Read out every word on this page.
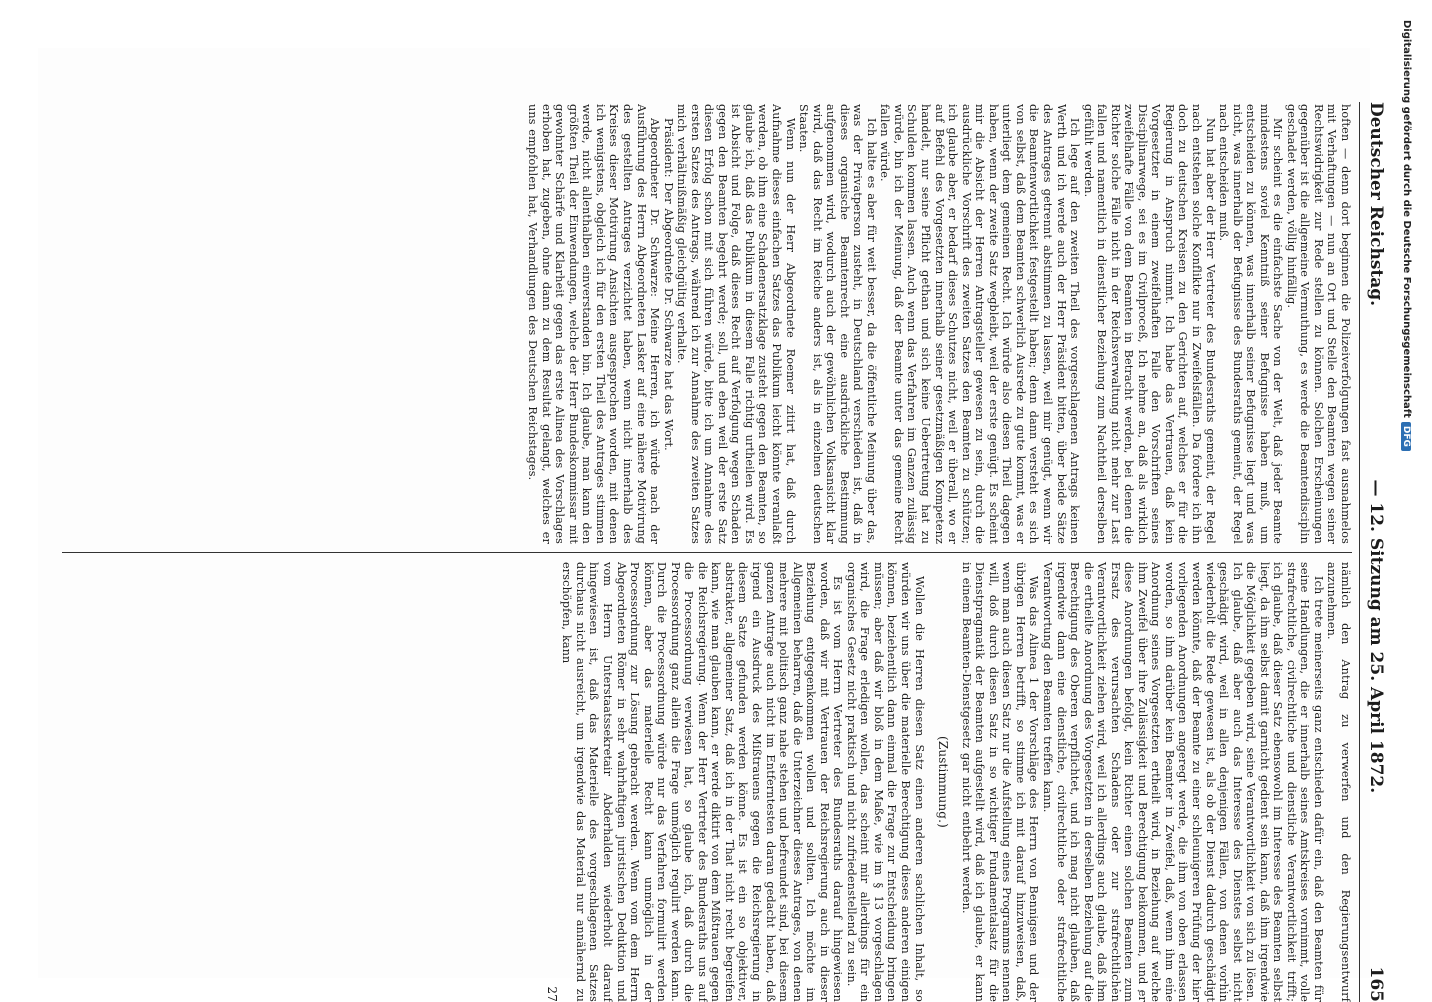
Deutscher Reichstag.
— 12. Sitzung am 25. April 1872.
165

hoften — denn dort beginnen die Polizeiverfolgungen fast ausnahmelos mit Verhaftungen — nun an Ort und Stelle den Beamten wegen seiner Rechtswidrigkeit zur Rede stellen zu können. Solchen Erscheinungen gegenüber ist die allgemeine Vermuthung, es werde die Beamtendisciplin geschadet werden, völlig hinfällig.

Mir scheint es die einfachste Sache von der Welt, daß jeder Beamte mindestens soviel Kenntniß seiner Befugnisse haben muß, um entscheiden zu können, was innerhalb seiner Befugnisse liegt und was nicht, was innerhalb der Befugnisse des Bundesraths gemeint, der Regel nach entscheiden muß.

Nun hat aber der Herr Vertreter des Bundesraths gemeint, der Regel nach entstehen solche Konflikte nur in Zweifelsfällen. Da fordere ich ihn doch zu deutschen Kreisen zu den Gerichten auf, welches er für die Regierung in Anspruch nimmt. Ich habe das Vertrauen, daß kein Vorgesetzter in einem zweifelhaften Falle den Vorschriften seines Disciplinarwege, sei es im Civilproceß, Ich nehme an, daß als wirklich zweifelhafte Fälle von dem Beamten in Betracht werden, bei denen die Richter solche Fälle nicht in der Reichsverwaltung nicht mehr zur Last fallen und namentlich in dienstlicher Beziehung zum Nachtheil derselben gefühlt werden.

Ich lege auf den zweiten Theil des vorgeschlagenen Antrags keinen Werth und ich werde auch der Herr Präsident bitten, über beide Sätze des Antrages getrennt abstimmen zu lassen, weil mir genügt, wenn wir die Beamtenwortlichkeit festgestellt haben; denn dann versteht es sich von selbst, daß dem Beamten schwerlich Ausrede zu gute kommt, was er unterliegt dem gemeinen Recht. Ich würde also diesen Theil dagegen haben, wenn der zweite Satz wegbleibt, weil der erste genügt. Es scheint mir die Absicht der Herren Antragsteller gewesen zu sein, durch die ausdrückliche Vorschrift des zweiten Satzes den Beamten zu schützen; ich glaube aber, er bedarf dieses Schutzes nicht, weil er überall, wo er auf Befehl des Vorgesetzten innerhalb seiner gesetzmäßigen Kompetenz handelt, nur seine Pflicht gethan und sich keine Uebertretung hat zu Schulden kommen lassen. Auch wenn das Verfahren im Ganzen zulässig würde, bin ich der Meinung, daß der Beamte unter das gemeine Recht fallen würde.

Ich halte es aber für weit besser, da die öffentliche Meinung über das, was der Privatperson zusteht, in Deutschland verschieden ist, daß in dieses organische Beamtenrecht eine ausdrückliche Bestimmung aufgenommen wird, wodurch auch der gewöhnlichen Volksansicht klar wird, daß das Recht im Reiche anders ist, als in einzelnen deutschen Staaten.

Wenn nun der Herr Abgeordnete Roemer zitirt hat, daß durch Aufnahme dieses einfachen Satzes das Publikum leicht könnte veranlaßt werden, ob ihm eine Schadenersatzklage zusteht gegen den Beamten, so glaube ich, daß das Publikum in diesem Falle richtig urtheilen wird. Es ist Absicht und Folge, daß dieses Recht auf Verfolgung wegen Schaden gegen den Beamten begehrt werde; soll, und eben weil der erste Satz diesen Erfolg schon mit sich führen würde, bitte ich um Annahme des ersten Satzes des Antrags, während ich zur Annahme des zweiten Satzes mich verhältnißmäßig gleichgültig verhalte.

Präsident: Der Abgeordnete Dr. Schwarze hat das Wort.

Abgeordneter Dr. Schwarze: Meine Herren, ich würde nach der Ausführung des Herrn Abgeordneten Lasker auf eine nähere Motivirung des gestellten Antrages verzichtet haben, wenn nicht innerhalb des Kreises dieser Motivirung Ansichten ausgesprochen worden, mit denen ich wenigstens, obgleich ich für den ersten Theil des Antrages stimmen werde, nicht allenthalben einverstanden bin. Ich glaube, man kann den größten Theil der Einwendungen, welche der Herr Bundeskommissar mit gewohnter Schärfe und Klarheit gegen das erste Alinea des Vorschlages erhoben hat, zugeben, ohne dann zu dem Resultat gelangt, welches er uns empfohlen hat, Verhandlungen des Deutschen Reichstages.

nämlich den Antrag zu verwerfen und den Regierungsentwurf anzunehmen.

Ich trete meinerseits ganz entschieden dafür ein, daß den Beamten für seine Handlungen, die er innerhalb seines Amtskreises vornimmt, volle strafrechtliche, civilrechtliche und dienstliche Verantwortlichkeit trifft; ich glaube, daß dieser Satz ebensowohl im Interesse des Beamten selbst liegt, da ihm selbst damit garnicht gedient sein kann, daß ihm irgendwie die Möglichkeit gegeben wird, seine Verantwortlichkeit von sich zu lösen. Ich glaube, daß aber auch das Interesse des Dienstes selbst nicht geschädigt wird, weil in allen denjenigen Fällen, von denen vorhin wiederholt die Rede gewesen ist, als ob der Dienst dadurch geschädigt werden könnte, daß der Beamte zu einer schleunigeren Prüfung der hier vorliegenden Anordnungen angeregt werde, die ihm von oben erlassen worden, so ihm darüber kein Beamter in Zweifel, daß, wenn ihm eine Anordnung seines Vorgesetzten ertheilt wird, in Beziehung auf welche ihm Zweifel über ihre Zulässigkeit und Berechtigung beikommen, und er diese Anordnungen befolgt, kein Richter einen solchen Beamten zum Ersatz des verursachten Schadens oder zur strafrechtlichen Verantwortlichkeit ziehen wird, weil ich allerdings auch glaube, daß ihm die ertheilte Anordnung des Vorgesetzten in derselben Beziehung auf die Berechtigung des Oberen verpflichtet, und ich mag nicht glauben, daß irgendwie dann eine dienstliche, civilrechtliche oder strafrechtliche Verantwortung den Beamten treffen kann.

Was das Alinea 1 der Vorschläge des Herrn von Bennigsen und der übrigen Herren betrifft, so stimme ich mit darauf hinzuweisen, daß, wenn man auch diesen Satz nur die Aufstellung eines Programms nennen will, doß durch diesen Satz in so wichtiger Fundamentalsatz für die Dienstpragmatik der Beamten aufgestellt wird, daß ich glaube, er kann in einem Beamten-Dienstgesetz gar nicht entbehrt werden.

(Zustimmung.)

Wollen die Herren diesen Satz einen anderen sachlichen Inhalt, so würden wir uns über die materielle Berechtigung dieses anderen einigen können, beziehentlich dann einmal die Frage zur Entscheidung bringen müssen; aber daß wir bloß in dem Maße, wie im § 13 vorgeschlagen wird, die Frage erledigen wollen, das scheint mir allerdings für ein organisches Gesetz nicht praktisch und nicht zufriedenstellend zu sein.

Es ist vom Herrn Vertreter des Bundesraths darauf hingewiesen worden, daß wir mit Vertrauen der Reichsregierung auch in dieser Beziehung entgegenkommen wollen und sollten. Ich möchte im Allgemeinen beharren, daß die Unterzeichner dieses Antrages, von denen mehrere mit politisch ganz nahe stehen und befreundet sind, bei diesem ganzen Antrage auch nicht im Entferntesten daran gedacht haben, daß irgend ein Ausdruck des Mißtrauens gegen die Reichsregierung in diesem Satze gefunden werden könne. Es ist ein so objektiver, abstrakter, allgemeiner Satz, daß ich in der That nicht recht begreifen kann, wie man glauben kann, er werde diktirt von dem Mißtrauen gegen die Reichsregierung. Wenn der Herr Vertreter des Bundesraths uns auf die Processordnung verwiesen hat, so glaube ich, daß durch die Processordnung ganz allein die Frage unmöglich regulirt werden kann. Durch die Processordnung würde nur das Verfahren formulirt werden können, aber das materielle Recht kann unmöglich in der Processordnung zur Lösung gebracht werden. Wenn vom dem Herrn Abgeordneten Römer in sehr wahrhaftigen juristischen Deduktion und vom Herrn Unterstaatssekretair Abderhalden wiederholt darauf hingewiesen ist, daß das Materielle des vorgeschlagenen Satzes durchaus nicht ausreicht, um irgendwie das Material nur annähernd zu erschöpfen, kann

27

Digitalisierung gefördert durch die Deutsche ForschungsgemeinschaftDFG
· · · · · · · ·
